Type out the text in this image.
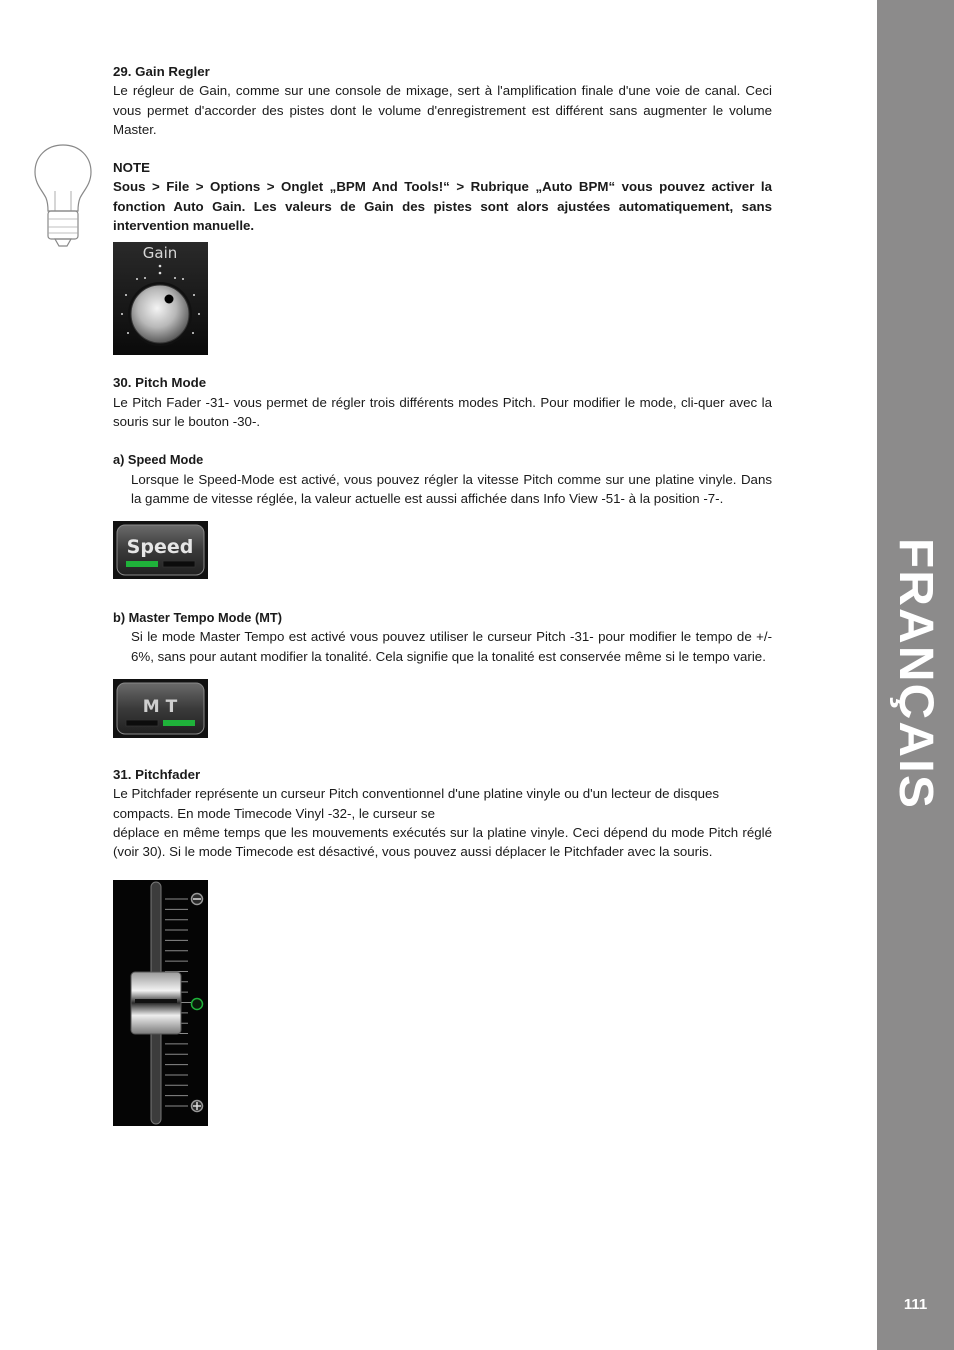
29. Gain Regler

Le régleur de Gain, comme sur une console de mixage, sert à l'amplification finale d'une voie de canal. Ceci vous permet d'accorder des pistes dont le volume d'enregistrement est différent sans augmenter le volume Master.

NOTE

Sous > File > Options > Onglet „BPM And Tools!“ > Rubrique „Auto BPM“ vous pouvez activer la fonction Auto Gain. Les valeurs de Gain des pistes sont alors ajustées automatiquement, sans intervention manuelle.

Gain

30. Pitch Mode

Le Pitch Fader -31- vous permet de régler trois différents modes Pitch. Pour modifier le mode, cli-quer avec la souris sur le bouton -30-.

a) Speed Mode

Lorsque le Speed-Mode est activé, vous pouvez régler la vitesse Pitch comme sur une platine vinyle. Dans la gamme de vitesse réglée, la valeur actuelle est aussi affichée dans Info View -51- à la position -7-.

Speed

b) Master Tempo Mode (MT)

Si le mode Master Tempo est activé vous pouvez utiliser le curseur Pitch -31- pour modifier le tempo de +/- 6%, sans pour autant modifier la tonalité. Cela signifie que la tonalité est conservée même si le tempo varie.

M T

31. Pitchfader

Le Pitchfader représente un curseur Pitch conventionnel d'une platine vinyle ou d'un lecteur de disques compacts. En mode Timecode Vinyl -32-, le curseur se

déplace en même temps que les mouvements exécutés sur la platine vinyle. Ceci dépend du mode Pitch réglé (voir 30). Si le mode Timecode est désactivé, vous pouvez aussi déplacer le Pitchfader avec la souris.

FRANÇAIS
111
